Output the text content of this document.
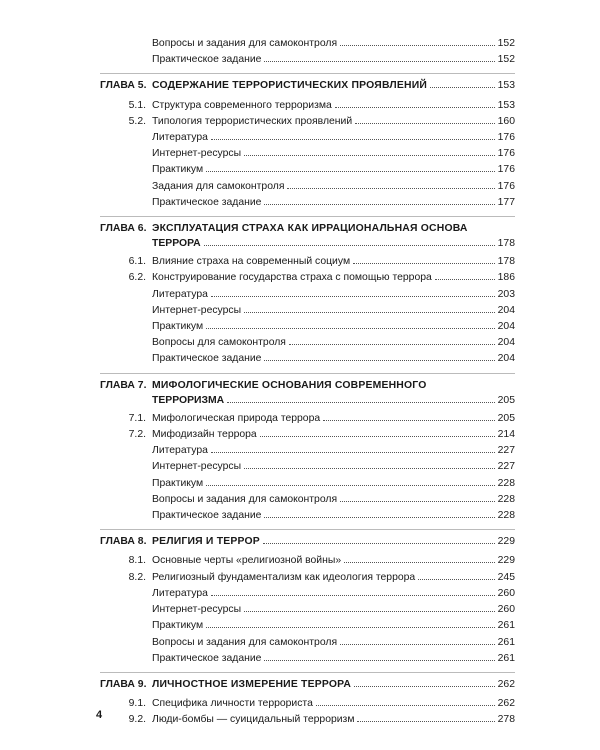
Вопросы и задания для самоконтроля	152
Практическое задание	152
ГЛАВА 5. СОДЕРЖАНИЕ ТЕРРОРИСТИЧЕСКИХ ПРОЯВЛЕНИЙ	153
5.1. Структура современного терроризма	153
5.2. Типология террористических проявлений	160
Литература	176
Интернет-ресурсы	176
Практикум	176
Задания для самоконтроля	176
Практическое задание	177
ГЛАВА 6. ЭКСПЛУАТАЦИЯ СТРАХА КАК ИРРАЦИОНАЛЬНАЯ ОСНОВА
ТЕРРОРА	178
6.1. Влияние страха на современный социум	178
6.2. Конструирование государства страха с помощью террора	186
Литература	203
Интернет-ресурсы	204
Практикум	204
Вопросы для самоконтроля	204
Практическое задание	204
ГЛАВА 7. МИФОЛОГИЧЕСКИЕ ОСНОВАНИЯ СОВРЕМЕННОГО
ТЕРРОРИЗМА	205
7.1. Мифологическая природа террора	205
7.2. Мифодизайн террора	214
Литература	227
Интернет-ресурсы	227
Практикум	228
Вопросы и задания для самоконтроля	228
Практическое задание	228
ГЛАВА 8. РЕЛИГИЯ И ТЕРРОР	229
8.1. Основные черты «религиозной войны»	229
8.2. Религиозный фундаментализм как идеология террора	245
Литература	260
Интернет-ресурсы	260
Практикум	261
Вопросы и задания для самоконтроля	261
Практическое задание	261
ГЛАВА 9. ЛИЧНОСТНОЕ ИЗМЕРЕНИЕ ТЕРРОРА	262
9.1. Специфика личности террориста	262
9.2. Люди-бомбы — суицидальный терроризм	278
4
